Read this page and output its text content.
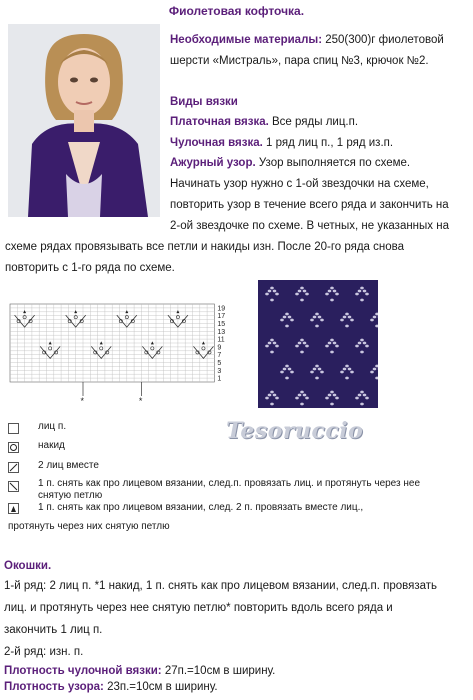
Фиолетовая кофточка.
Необходимые материалы: 250(300)г фиолетовой
шерсти «Мистраль», пара спиц №3, крючок №2.
Виды вязки
Платочная вязка. Все ряды лиц.п.
Чулочная вязка. 1 ряд лиц п., 1 ряд из.п.
Ажурный узор. Узор выполняется по схеме.
Начинать узор нужно с 1-ой звездочки на схеме,
повторить узор в течение всего ряда и закончить на
2-ой звездочке по схеме. В четных, не указанных на
схеме рядах провязывать все петли и накиды изн. После 20-го ряда снова
повторить с 1-го ряда по схеме.
19
17
15
13
11
9
7
5
3
1
*	*
Tesoruccio
лиц п.
накид
2 лиц вместе
1 п. снять как про лицевом вязании, след.п. провязать лиц. и протянуть через нее
снятую петлю
1 п. снять как про лицевом вязании, след. 2 п. провязать вместе лиц.,
протянуть через них снятую петлю
Окошки.
1-й ряд: 2 лиц п. *1 накид, 1 п. снять как про лицевом вязании, след.п. провязать
лиц. и протянуть через нее снятую петлю* повторить вдоль всего ряда и
закончить 1 лиц п.
2-й ряд: изн. п.
Плотность чулочной вязки: 27п.=10см в ширину.
Плотность узора: 23п.=10см в ширину.
